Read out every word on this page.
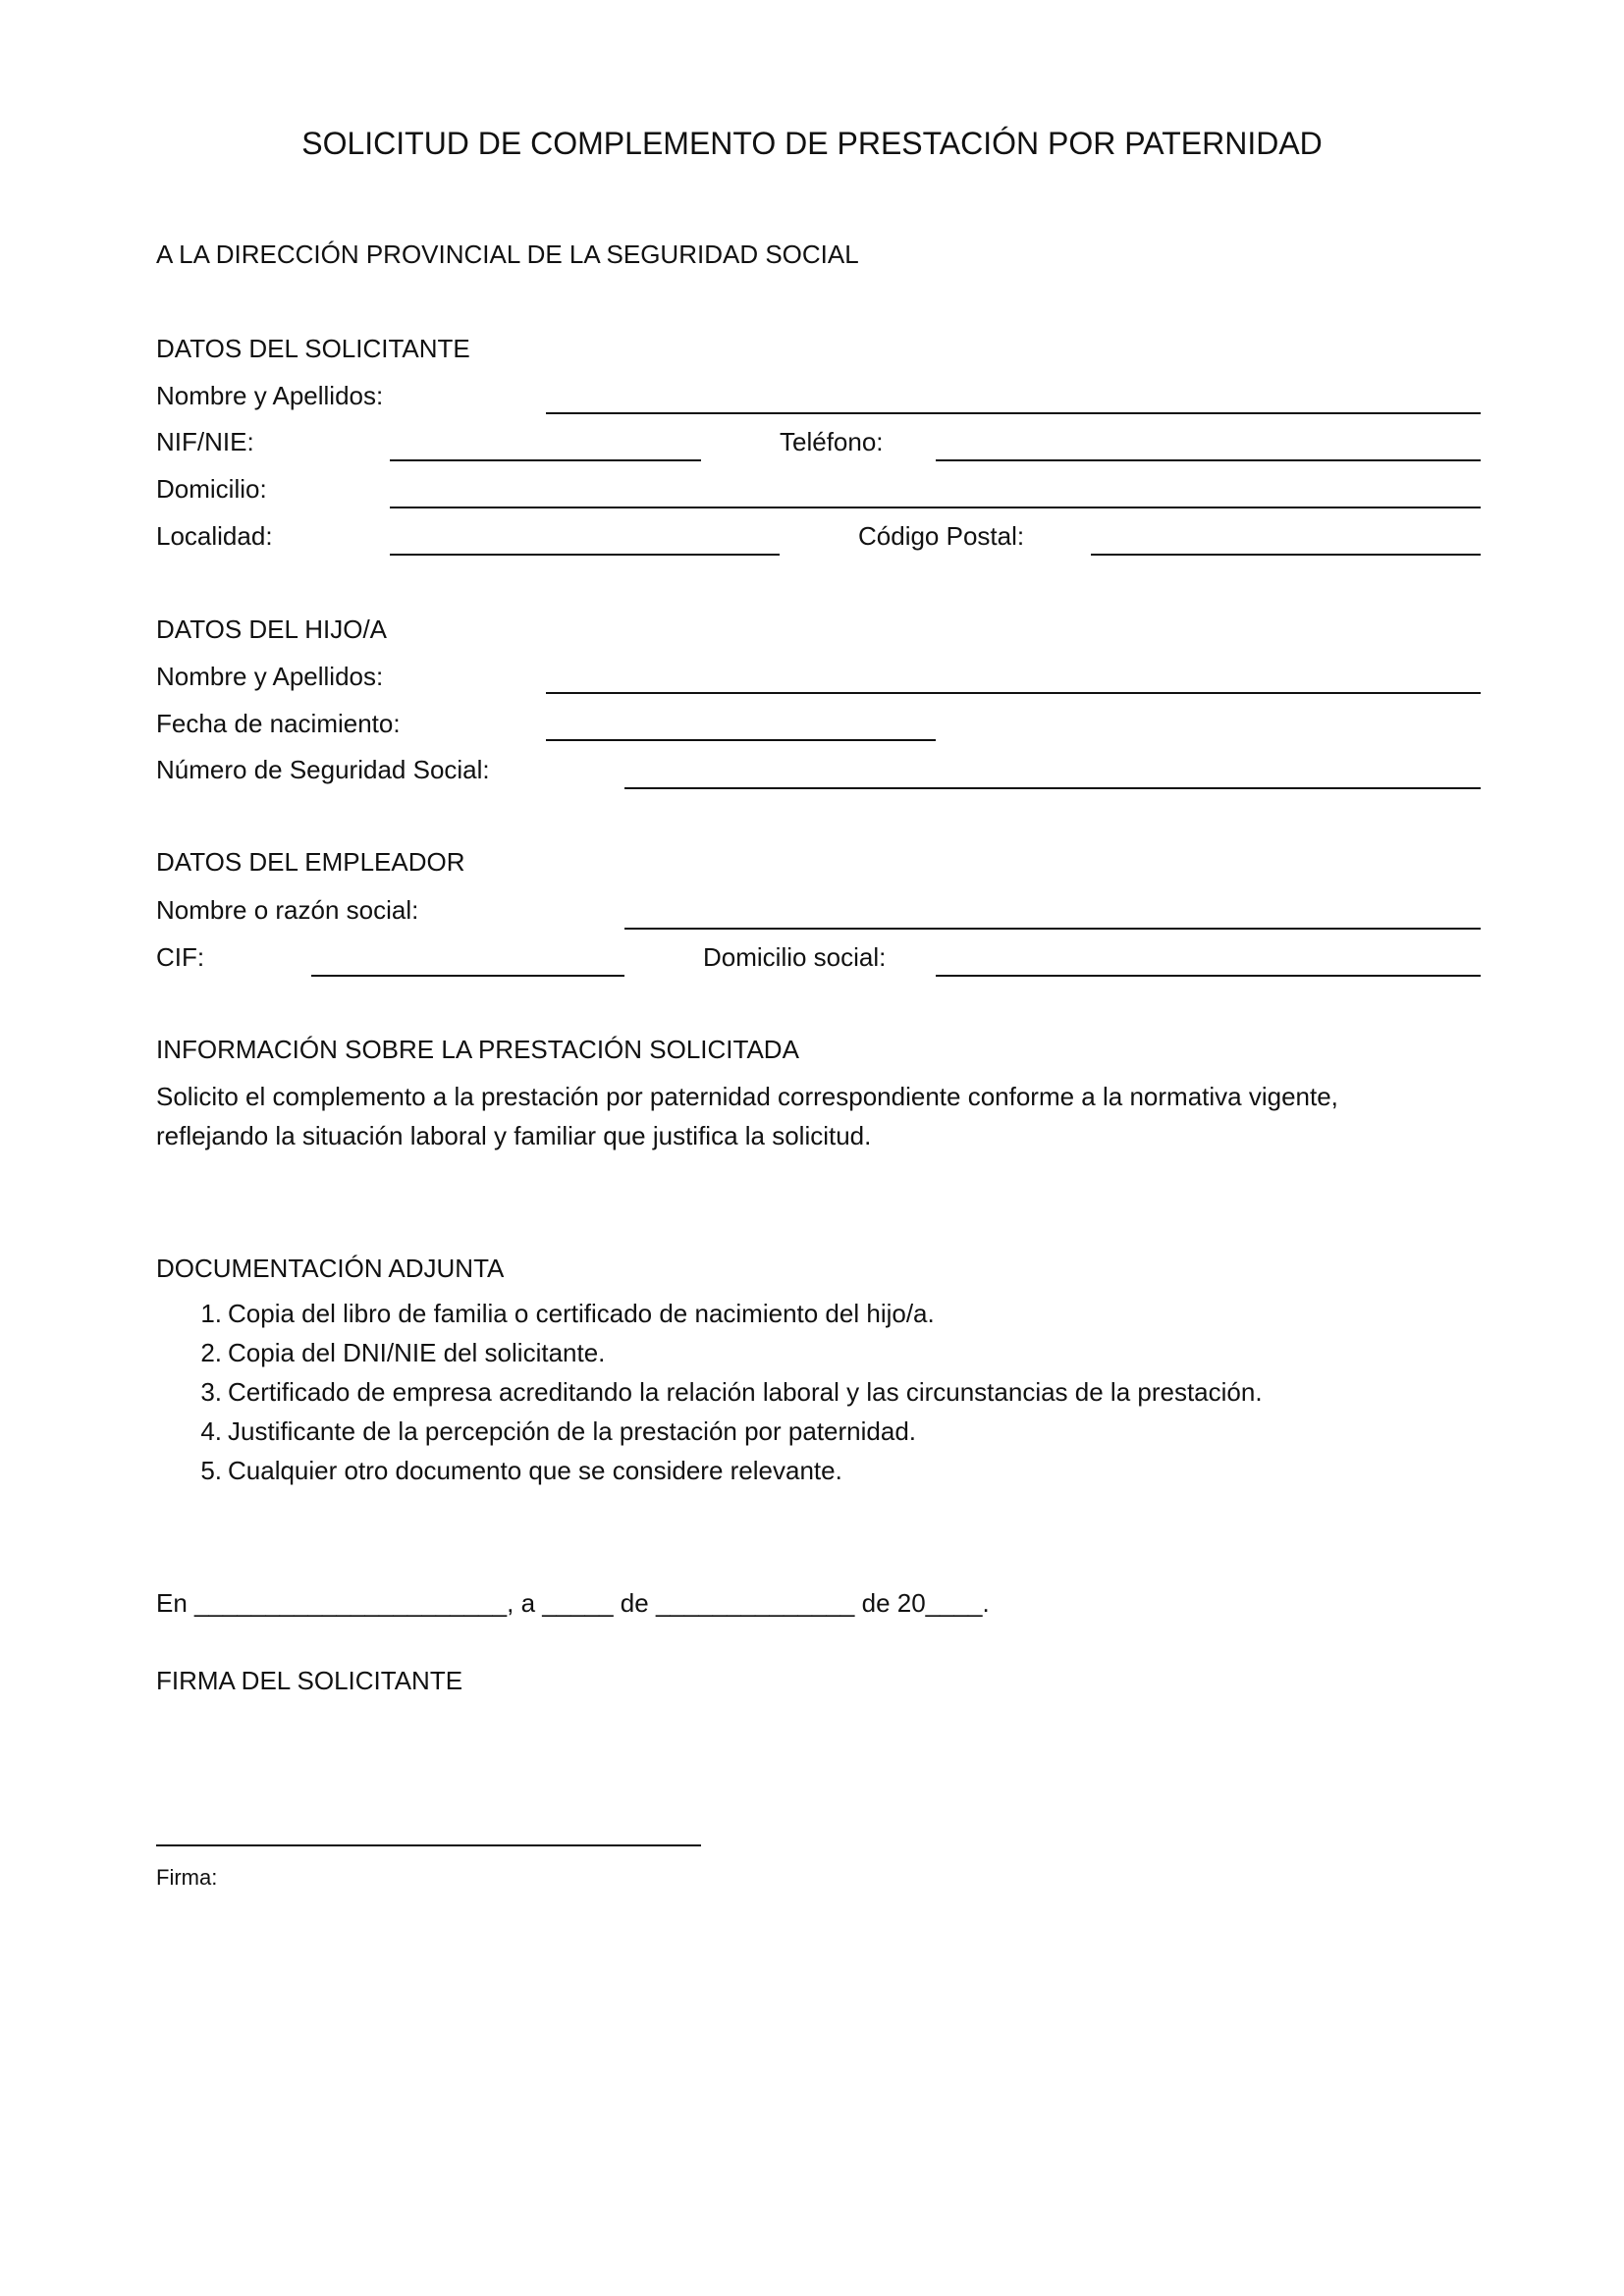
SOLICITUD DE COMPLEMENTO DE PRESTACIÓN POR PATERNIDAD
A LA DIRECCIÓN PROVINCIAL DE LA SEGURIDAD SOCIAL
DATOS DEL SOLICITANTE
Nombre y Apellidos:
NIF/NIE:	Teléfono:
Domicilio:
Localidad:	Código Postal:
DATOS DEL HIJO/A
Nombre y Apellidos:
Fecha de nacimiento:
Número de Seguridad Social:
DATOS DEL EMPLEADOR
Nombre o razón social:
CIF:	Domicilio social:
INFORMACIÓN SOBRE LA PRESTACIÓN SOLICITADA
Solicito el complemento a la prestación por paternidad correspondiente conforme a la normativa vigente,
reflejando la situación laboral y familiar que justifica la solicitud.
DOCUMENTACIÓN ADJUNTA
1. Copia del libro de familia o certificado de nacimiento del hijo/a.
2. Copia del DNI/NIE del solicitante.
3. Certificado de empresa acreditando la relación laboral y las circunstancias de la prestación.
4. Justificante de la percepción de la prestación por paternidad.
5. Cualquier otro documento que se considere relevante.
En ______________________, a _____ de ______________ de 20____.
FIRMA DEL SOLICITANTE
Firma:
